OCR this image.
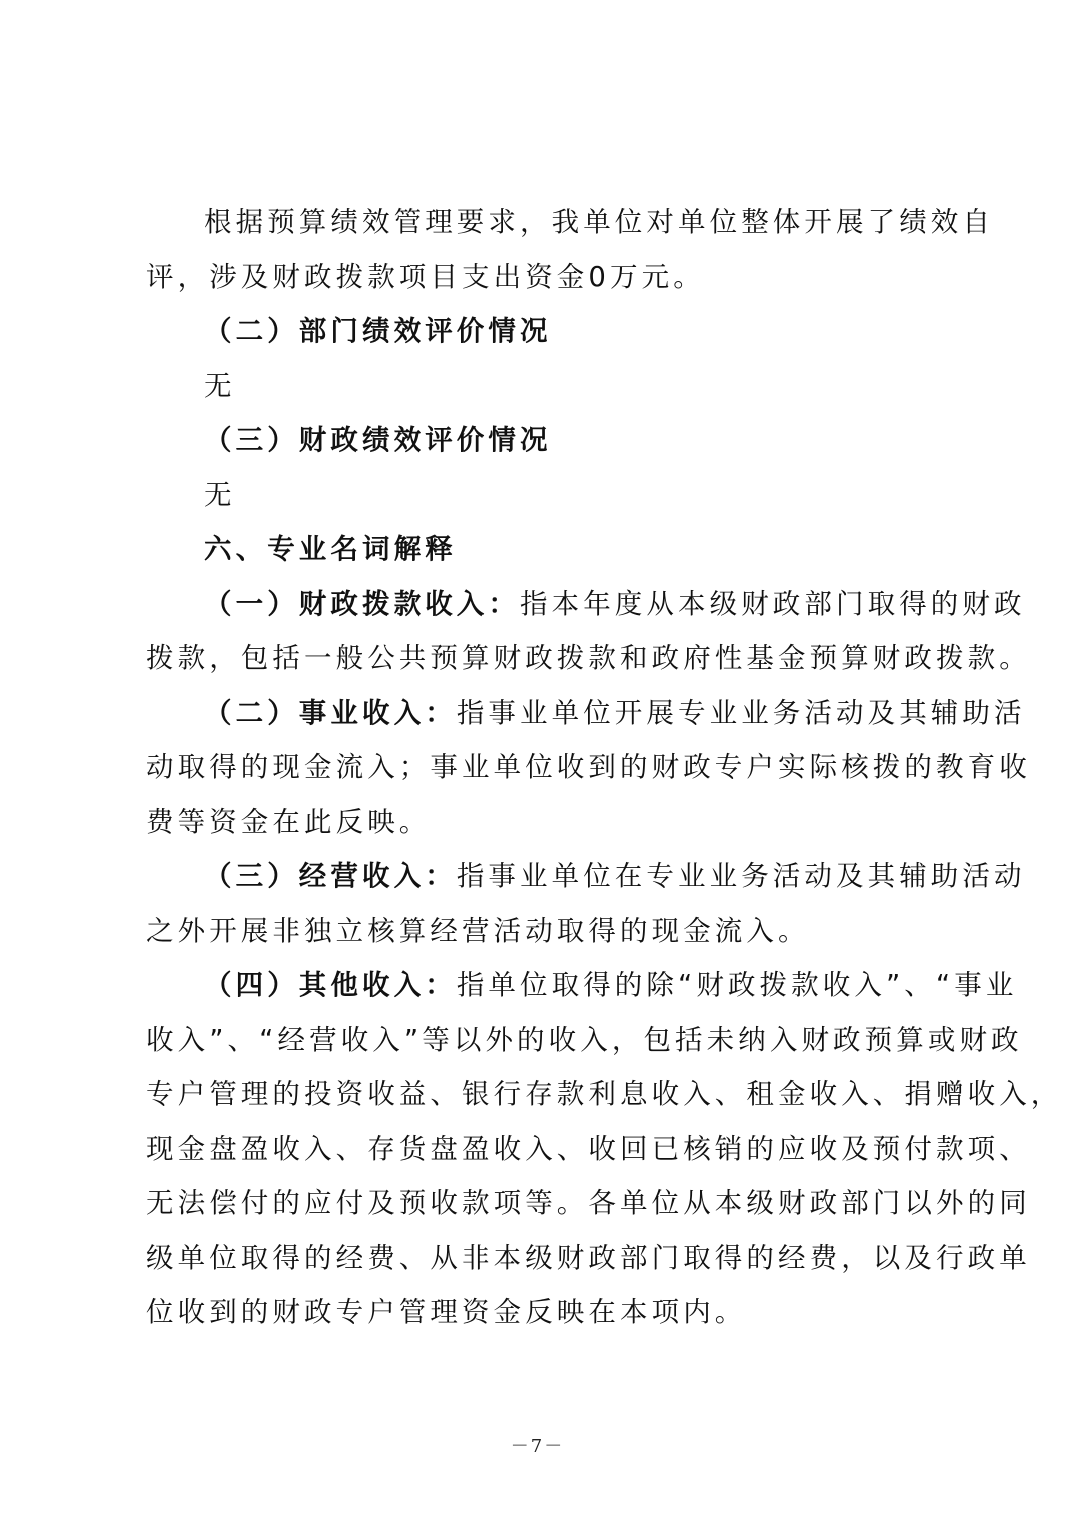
根据预算绩效管理要求，我单位对单位整体开展了绩效自
评，涉及财政拨款项目支出资金0万元。
（二）部门绩效评价情况
无
（三）财政绩效评价情况
无
六、专业名词解释
（一）财政拨款收入：指本年度从本级财政部门取得的财政
拨款，包括一般公共预算财政拨款和政府性基金预算财政拨款。
（二）事业收入：指事业单位开展专业业务活动及其辅助活
动取得的现金流入；事业单位收到的财政专户实际核拨的教育收
费等资金在此反映。
（三）经营收入：指事业单位在专业业务活动及其辅助活动
之外开展非独立核算经营活动取得的现金流入。
（四）其他收入：指单位取得的除“财政拨款收入”、“事业
收入”、“经营收入”等以外的收入，包括未纳入财政预算或财政
专户管理的投资收益、银行存款利息收入、租金收入、捐赠收入，
现金盘盈收入、存货盘盈收入、收回已核销的应收及预付款项、
无法偿付的应付及预收款项等。各单位从本级财政部门以外的同
级单位取得的经费、从非本级财政部门取得的经费，以及行政单
位收到的财政专户管理资金反映在本项内。
－7－
